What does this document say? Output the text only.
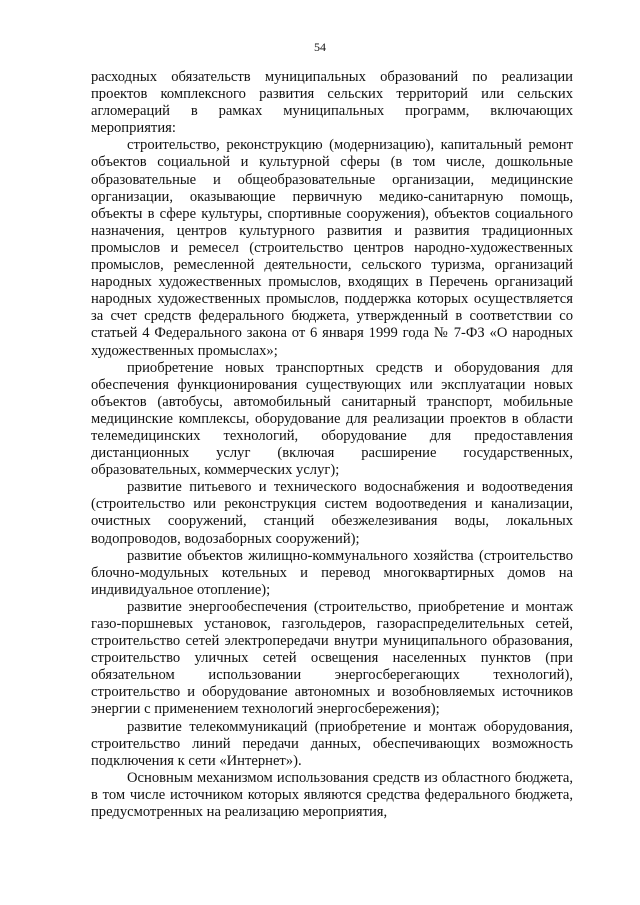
54

расходных обязательств муниципальных образований по реализации проектов комплексного развития сельских территорий или сельских агломераций в рамках муниципальных программ, включающих мероприятия:

строительство, реконструкцию (модернизацию), капитальный ремонт объектов социальной и культурной сферы (в том числе, дошкольные образовательные и общеобразовательные организации, медицинские организации, оказывающие первичную медико-санитарную помощь, объекты в сфере культуры, спортивные сооружения), объектов социального назначения, центров культурного развития и развития традиционных промыслов и ремесел (строительство центров народно-художественных промыслов, ремесленной деятельности, сельского туризма, организаций народных художественных промыслов, входящих в Перечень организаций народных художественных промыслов, поддержка которых осуществляется за счет средств федерального бюджета, утвержденный в соответствии со статьей 4 Федерального закона от 6 января 1999 года № 7-ФЗ «О народных художественных промыслах»;

приобретение новых транспортных средств и оборудования для обеспечения функционирования существующих или эксплуатации новых объектов (автобусы, автомобильный санитарный транспорт, мобильные медицинские комплексы, оборудование для реализации проектов в области телемедицинских технологий, оборудование для предоставления дистанционных услуг (включая расширение государственных, образовательных, коммерческих услуг);

развитие питьевого и технического водоснабжения и водоотведения (строительство или реконструкция систем водоотведения и канализации, очистных сооружений, станций обезжелезивания воды, локальных водопроводов, водозаборных сооружений);

развитие объектов жилищно-коммунального хозяйства (строительство блочно-модульных котельных и перевод многоквартирных домов на индивидуальное отопление);

развитие энергообеспечения (строительство, приобретение и монтаж газо-поршневых установок, газгольдеров, газораспределительных сетей, строительство сетей электропередачи внутри муниципального образования, строительство уличных сетей освещения населенных пунктов (при обязательном использовании энергосберегающих технологий), строительство и оборудование автономных и возобновляемых источников энергии с применением технологий энергосбережения);

развитие телекоммуникаций (приобретение и монтаж оборудования, строительство линий передачи данных, обеспечивающих возможность подключения к сети «Интернет»).

Основным механизмом использования средств из областного бюджета, в том числе источником которых являются средства федерального бюджета, предусмотренных на реализацию мероприятия,
